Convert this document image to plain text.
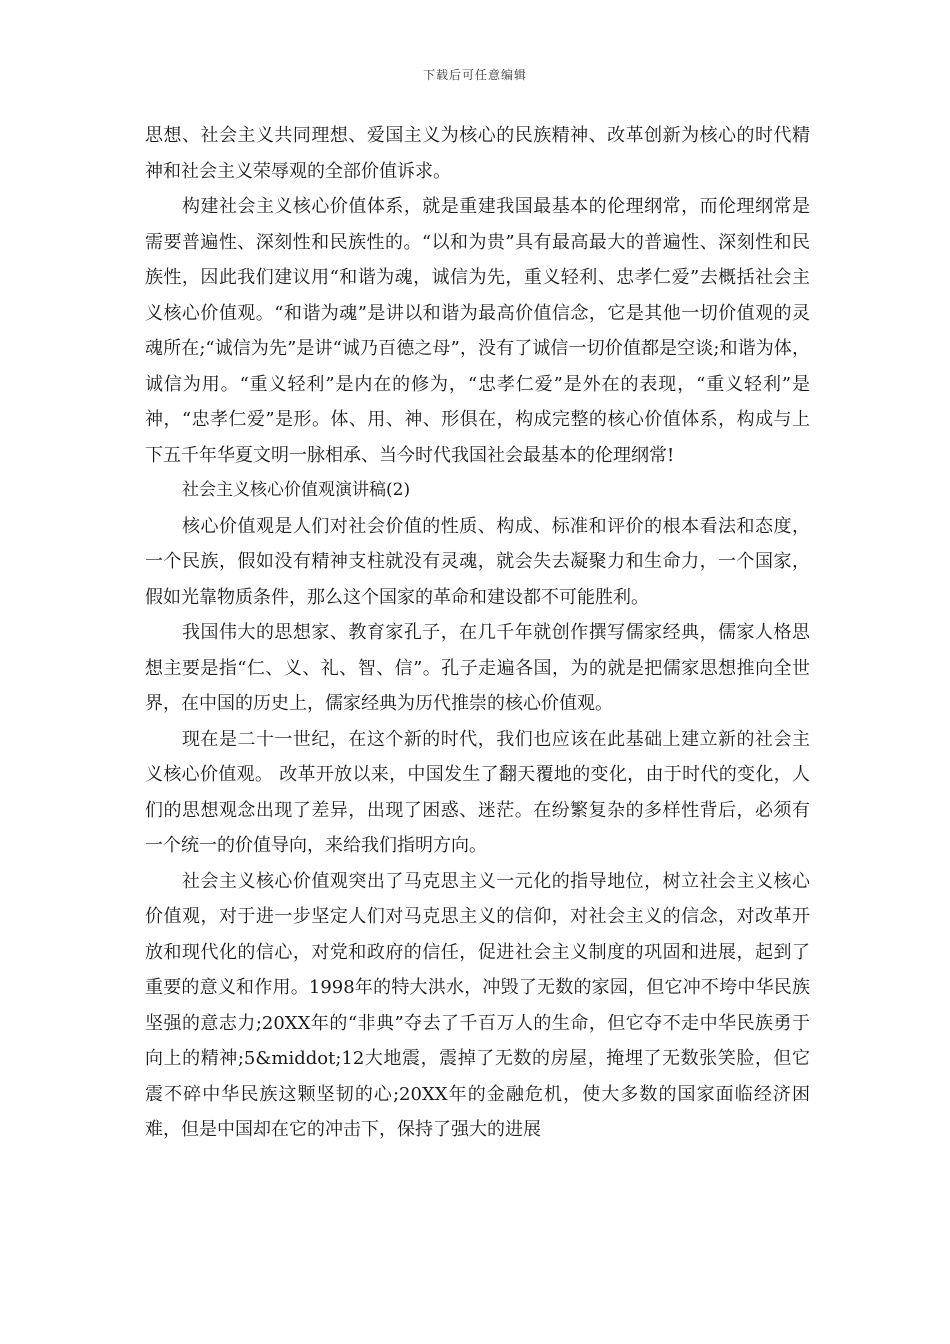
下载后可任意编辑

思想、社会主义共同理想、爱国主义为核心的民族精神、改革创新为核心的时代精神和社会主义荣辱观的全部价值诉求。

构建社会主义核心价值体系，就是重建我国最基本的伦理纲常，而伦理纲常是需要普遍性、深刻性和民族性的。“以和为贵”具有最高最大的普遍性、深刻性和民族性，因此我们建议用“和谐为魂，诚信为先，重义轻利、忠孝仁爱”去概括社会主义核心价值观。“和谐为魂”是讲以和谐为最高价值信念，它是其他一切价值观的灵魂所在;“诚信为先”是讲“诚乃百德之母”，没有了诚信一切价值都是空谈;和谐为体，诚信为用。“重义轻利”是内在的修为，“忠孝仁爱”是外在的表现，“重义轻利”是神，“忠孝仁爱”是形。体、用、神、形俱在，构成完整的核心价值体系，构成与上下五千年华夏文明一脉相承、当今时代我国社会最基本的伦理纲常!

社会主义核心价值观演讲稿(2)

核心价值观是人们对社会价值的性质、构成、标准和评价的根本看法和态度，一个民族，假如没有精神支柱就没有灵魂，就会失去凝聚力和生命力，一个国家，假如光靠物质条件，那么这个国家的革命和建设都不可能胜利。

我国伟大的思想家、教育家孔子，在几千年就创作撰写儒家经典，儒家人格思想主要是指“仁、义、礼、智、信”。孔子走遍各国，为的就是把儒家思想推向全世界，在中国的历史上，儒家经典为历代推崇的核心价值观。

现在是二十一世纪，在这个新的时代，我们也应该在此基础上建立新的社会主义核心价值观。 改革开放以来，中国发生了翻天覆地的变化，由于时代的变化，人们的思想观念出现了差异，出现了困惑、迷茫。在纷繁复杂的多样性背后，必须有一个统一的价值导向，来给我们指明方向。

社会主义核心价值观突出了马克思主义一元化的指导地位，树立社会主义核心价值观，对于进一步坚定人们对马克思主义的信仰，对社会主义的信念，对改革开放和现代化的信心，对党和政府的信任，促进社会主义制度的巩固和进展，起到了重要的意义和作用。1998年的特大洪水，冲毁了无数的家园，但它冲不垮中华民族坚强的意志力;20XX年的“非典”夺去了千百万人的生命，但它夺不走中华民族勇于向上的精神;5&middot;12大地震，震掉了无数的房屋，掩埋了无数张笑脸，但它震不碎中华民族这颗坚韧的心;20XX年的金融危机，使大多数的国家面临经济困难，但是中国却在它的冲击下，保持了强大的进展
